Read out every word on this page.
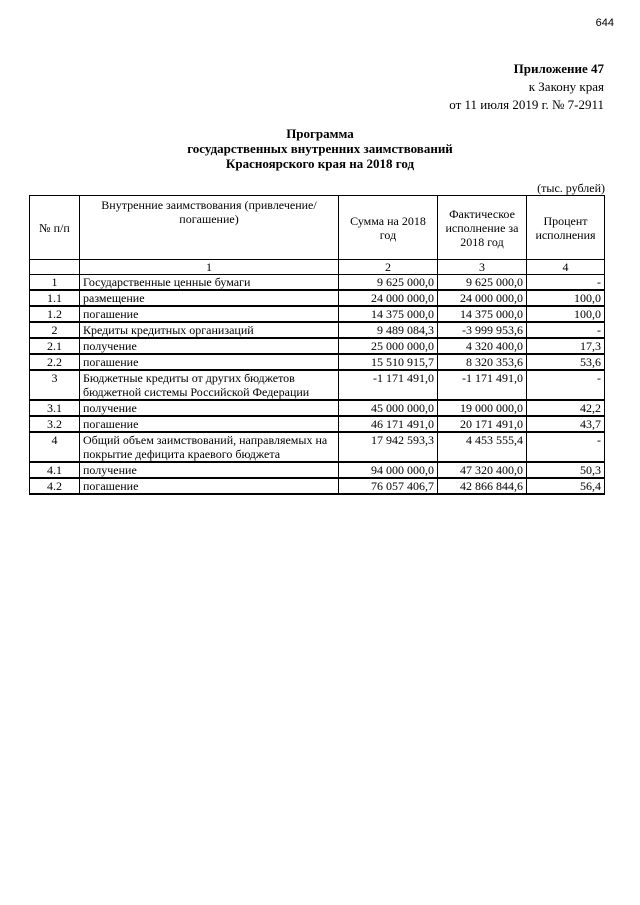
644
Приложение 47
к Закону края
от 11 июля 2019 г. № 7-2911
Программа
государственных внутренних заимствований
Красноярского края на 2018 год
(тыс. рублей)
№ п/п	Внутренние заимствования (привлечение/ погашение)	Сумма на 2018 год	Фактическое исполнение за 2018 год	Процент исполнения
	1	2	3	4
1	Государственные ценные бумаги	9 625 000,0	9 625 000,0	-
1.1	размещение	24 000 000,0	24 000 000,0	100,0
1.2	погашение	14 375 000,0	14 375 000,0	100,0
2	Кредиты кредитных организаций	9 489 084,3	-3 999 953,6	-
2.1	получение	25 000 000,0	4 320 400,0	17,3
2.2	погашение	15 510 915,7	8 320 353,6	53,6
3	Бюджетные кредиты от других бюджетов бюджетной системы Российской Федерации	-1 171 491,0	-1 171 491,0	-
3.1	получение	45 000 000,0	19 000 000,0	42,2
3.2	погашение	46 171 491,0	20 171 491,0	43,7
4	Общий объем заимствований, направляемых на покрытие дефицита краевого бюджета	17 942 593,3	4 453 555,4	-
4.1	получение	94 000 000,0	47 320 400,0	50,3
4.2	погашение	76 057 406,7	42 866 844,6	56,4
